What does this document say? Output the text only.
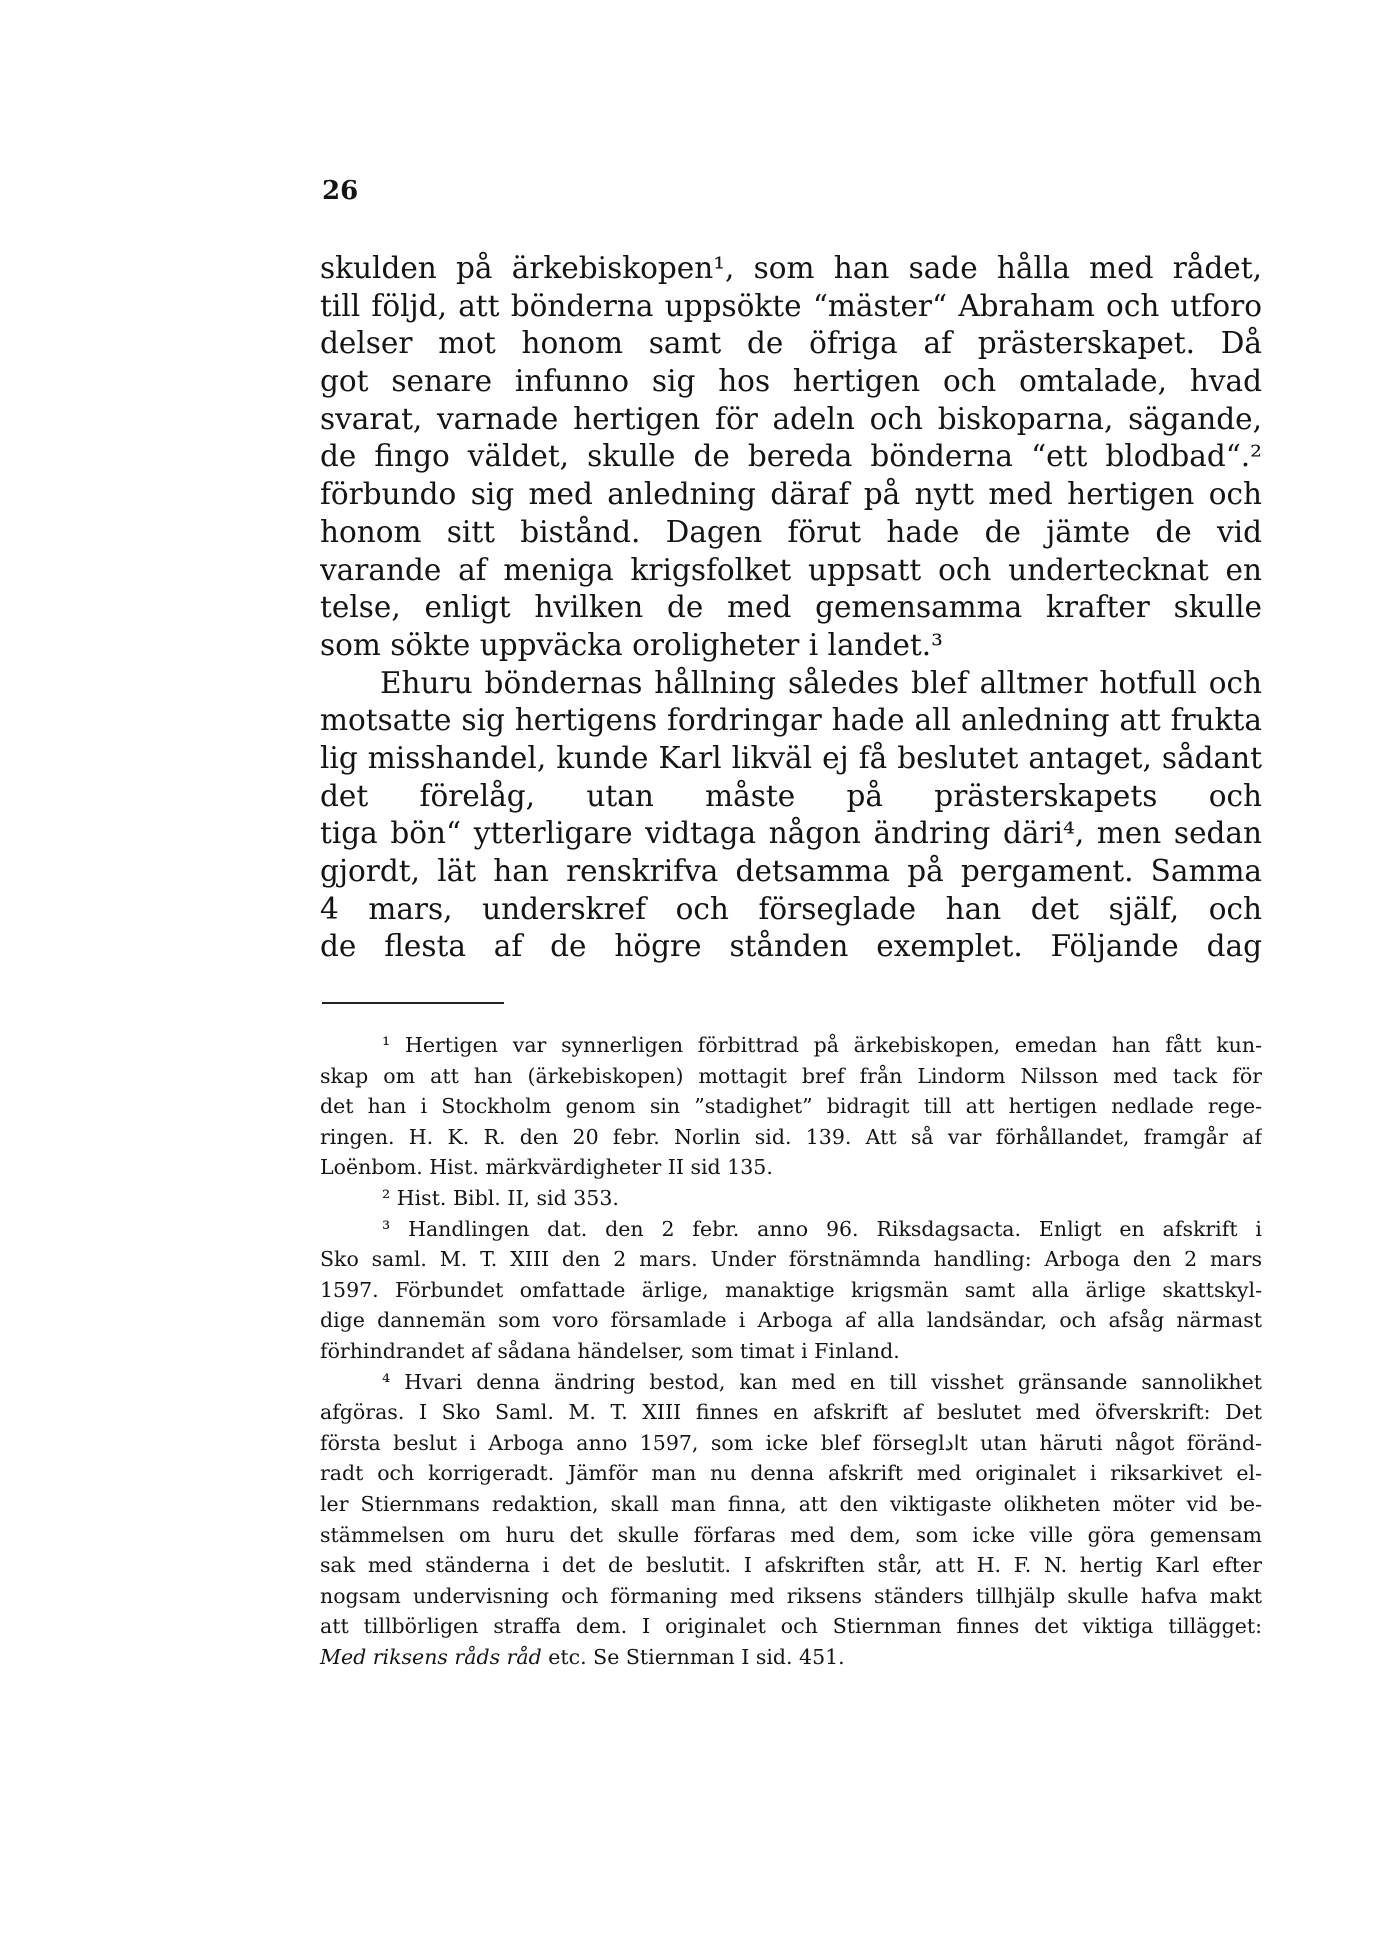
26
skulden på ärkebiskopen¹, som han sade hålla med rådet,
till följd, att bönderna uppsökte “mäster“ Abraham och utforo
delser mot honom samt de öfriga af prästerskapet. Då
got senare infunno sig hos hertigen och omtalade, hvad
svarat, varnade hertigen för adeln och biskoparna, sägande,
de fingo väldet, skulle de bereda bönderna “ett blodbad“.²
förbundo sig med anledning däraf på nytt med hertigen och
honom sitt bistånd. Dagen förut hade de jämte de vid
varande af meniga krigsfolket uppsatt och undertecknat en
telse, enligt hvilken de med gemensamma krafter skulle
som sökte uppväcka oroligheter i landet.³
Ehuru böndernas hållning således blef alltmer hotfull och
motsatte sig hertigens fordringar hade all anledning att frukta
lig misshandel, kunde Karl likväl ej få beslutet antaget, sådant
det förelåg, utan måste på prästerskapets och
tiga bön“ ytterligare vidtaga någon ändring däri⁴, men sedan
gjordt, lät han renskrifva detsamma på pergament. Samma
4 mars, underskref och förseglade han det själf, och
de flesta af de högre stånden exemplet. Följande dag
¹ Hertigen var synnerligen förbittrad på ärkebiskopen, emedan han fått kun-
skap om att han (ärkebiskopen) mottagit bref från Lindorm Nilsson med tack för
det han i Stockholm genom sin ”stadighet” bidragit till att hertigen nedlade rege-
ringen. H. K. R. den 20 febr. Norlin sid. 139. Att så var förhållandet, framgår af
Loënbom. Hist. märkvärdigheter II sid 135.
² Hist. Bibl. II, sid 353.
³ Handlingen dat. den 2 febr. anno 96. Riksdagsacta. Enligt en afskrift i
Sko saml. M. T. XIII den 2 mars. Under förstnämnda handling: Arboga den 2 mars
1597. Förbundet omfattade ärlige, manaktige krigsmän samt alla ärlige skattskyl-
dige dannemän som voro församlade i Arboga af alla landsändar, och afsåg närmast
förhindrandet af sådana händelser, som timat i Finland.
⁴ Hvari denna ändring bestod, kan med en till visshet gränsande sannolikhet
afgöras. I Sko Saml. M. T. XIII finnes en afskrift af beslutet med öfverskrift: Det
första beslut i Arboga anno 1597, som icke blef förseglادt utan häruti något föränd-
radt och korrigeradt. Jämför man nu denna afskrift med originalet i riksarkivet el-
ler Stiernmans redaktion, skall man finna, att den viktigaste olikheten möter vid be-
stämmelsen om huru det skulle förfaras med dem, som icke ville göra gemensam
sak med ständerna i det de beslutit. I afskriften står, att H. F. N. hertig Karl efter
nogsam undervisning och förmaning med riksens ständers tillhjälp skulle hafva makt
att tillbörligen straffa dem. I originalet och Stiernman finnes det viktiga tillägget:
Med riksens råds råd etc. Se Stiernman I sid. 451.
